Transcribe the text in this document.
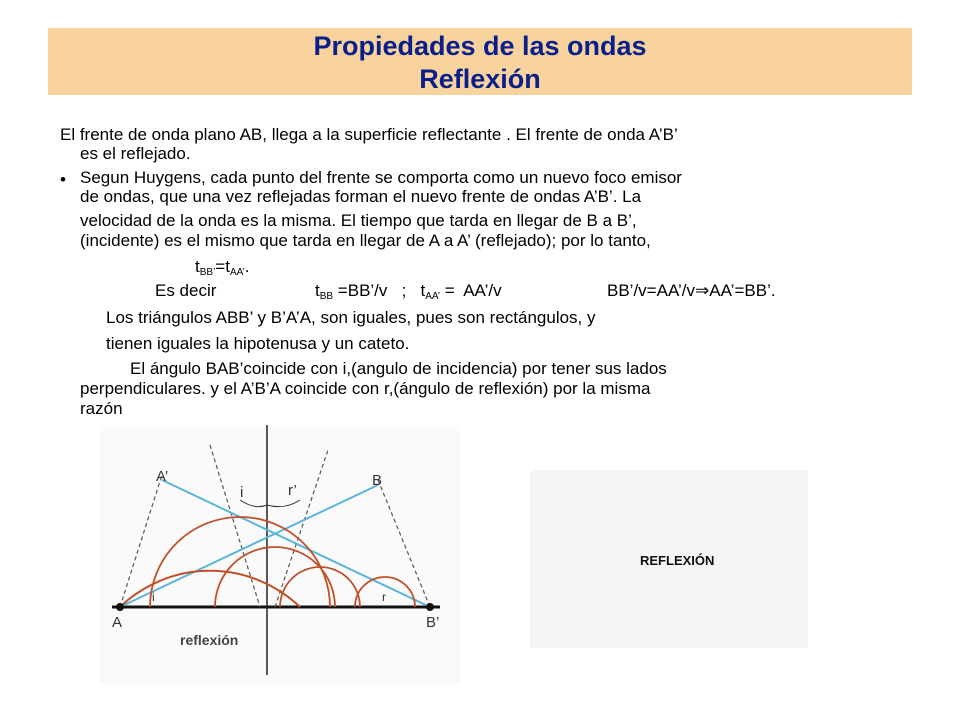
Propiedades de las ondas
Reflexión
El frente de onda plano AB, llega a la superficie reflectante . El frente de onda A’B’
es el reflejado.
• Segun Huygens, cada punto del frente se comporta como un nuevo foco emisor
de ondas, que una vez reflejadas forman el nuevo frente de ondas A’B’. La
velocidad de la onda es la misma. El tiempo que tarda en llegar de B a B’,
(incidente) es el mismo que tarda en llegar de A a A’ (reflejado); por lo tanto,
$t_{BB’}=t_{AA’}$.
Es decir	$t_{BB}$ =BB’/v   ;   $t_{AA’}$ =  AA’/v	BB’/v=AA’/v⇒AA’=BB’.
Los triángulos ABB’ y B’A’A, son iguales, pues son rectángulos, y
tienen iguales la hipotenusa y un cateto.
El ángulo BAB’coincide con i,(angulo de incidencia) por tener sus lados
perpendiculares. y el A’B’A coincide con r,(ángulo de reflexión) por la misma
razón
A’	B
A	B’
i	r’
i	r
reflexión
REFLEXIÓN
